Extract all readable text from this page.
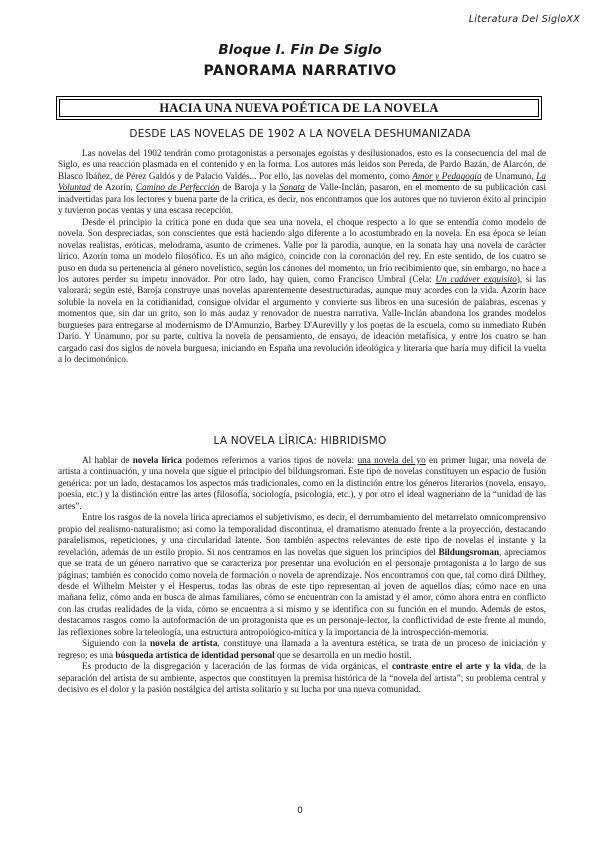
Literatura Del SigloXX
Bloque I. Fin De Siglo
PANORAMA NARRATIVO
HACIA UNA NUEVA POÉTICA DE LA NOVELA
DESDE LAS NOVELAS DE 1902 A LA NOVELA DESHUMANIZADA

Las novelas del 1902 tendrán como protagonistas a personajes egoístas y desilusionados, esto es la consecuencia del mal de Siglo, es una reacción plasmada en el contenido y en la forma. Los autores más leídos son Pereda, de Pardo Bazán, de Alarcón, de Blasco Ibáñez, de Pérez Galdós y de Palacio Valdés... Por ello, las novelas del momento, como Amor y Pedagogía de Unamuno, La Voluntad de Azorín, Camino de Perfección de Baroja y la Sonata de Valle-Inclán, pasaron, en el momento de su publicación casi inadvertidas para los lectores y buena parte de la crítica, es decir, nos encontramos que los autores que no tuvieron éxito al principio y tuvieron pocas ventas y una escasa recepción.

Desde el principio la crítica pone en duda que sea una novela, el choque respecto a lo que se entendía como modelo de novela. Son despreciadas, son conscientes que está haciendo algo diferente a lo acostumbrado en la novela. En esa época se leían novelas realistas, eróticas, melodrama, asunto de crímenes. Valle por la parodia, aunque, en la sonata hay una novela de carácter lírico. Azorín toma un modelo filosófico. Es un año mágico, coincide con la coronación del rey. En este sentido, de los cuatro se puso en duda su pertenencia al género novelístico, según los cánones del momento, un frío recibimiento que, sin embargo, no hace a los autores perder su ímpetu innovador. Por otro lado, hay quien, como Francisco Umbral (Cela: Un cadáver exquisito), si las valorará; según esté, Baroja construye unas novelas aparentemente desestructuradas, aunque muy acordes con la vida. Azorín hace soluble la novela en la cotidianidad, consigue olvidar el argumento y convierte sus libros en una sucesión de palabras, escenas y momentos que, sin dar un grito, son lo más audaz y renovador de nuestra narrativa. Valle-Inclán abandona los grandes modelos burgueses para entregarse al modernismo de D'Annunzio, Barbey D'Aurevilly y los poetas de la escuela, como su inmediato Rubén Darío. Y Unamuno, por su parte, cultiva la novela de pensamiento, de ensayo, de ideación metafísica, y entre los cuatro se han cargado casi dos siglos de novela burguesa, iniciando en España una revolución ideológica y literaria que haría muy difícil la vuelta a lo decimonónico.

LA NOVELA LÍRICA: HIBRIDISMO

Al hablar de novela lírica podemos referirnos a varios tipos de novela: una novela del yo en primer lugar, una novela de artista a continuación, y una novela que sigue el principio del bildungsroman. Este tipo de novelas constituyen un espacio de fusión genérica: por un lado, destacamos los aspectos más tradicionales, como en la distinción entre los géneros literarios (novela, ensayo, poesía, etc.) y la distinción entre las artes (filosofía, sociología, psicología, etc.), y por otro el ideal wagneriano de la “unidad de las artes”.

Entre los rasgos de la novela lírica apreciamos el subjetivismo, es decir, el derrumbamiento del metarrelato omnicomprensivo propio del realismo-naturalismo; así como la temporalidad discontinua, el dramatismo atenuado frente a la proyección, destacando paralelismos, repeticiones, y una circularidad latente. Son también aspectos relevantes de este tipo de novelas el instante y la revelación, además de un estilo propio. Si nos centramos en las novelas que siguen los principios del Bildungsroman, apreciamos que se trata de un género narrativo que se caracteriza por presentar una evolución en el personaje protagonista a lo largo de sus páginas; también es conocido como novela de formación o novela de aprendizaje. Nos encontramos con que, tal como dirá Dilthey, desde el Wilhelm Meister y el Hesperus, todas las obras de este tipo representan al joven de aquellos días; cómo nace en una mañana feliz, cómo anda en busca de almas familiares, cómo se encuentran con la amistad y el amor, cómo ahora entra en conflicto con las crudas realidades de la vida, cómo se encuentra a sí mismo y se identifica con su función en el mundo. Además de estos, destacamos rasgos como la autoformación de un protagonista que es un personaje-lector, la conflictividad de este frente al mundo, las reflexiones sobre la teleología, una estructura antropológico-mítica y la importancia de la introspección-memoria.

Siguiendo con la novela de artista, constituye una llamada a la aventura estética, se trata de un proceso de iniciación y regreso; es una búsqueda artística de identidad personal que se desarrolla en un medio hostil.

Es producto de la disgregación y laceración de las formas de vida orgánicas, el contraste entre el arte y la vida, de la separación del artista de su ambiente, aspectos que constituyen la premisa histórica de la “novela del artista”; su problema central y decisivo es el dolor y la pasión nostálgica del artista solitario y su lucha por una nueva comunidad.

0
